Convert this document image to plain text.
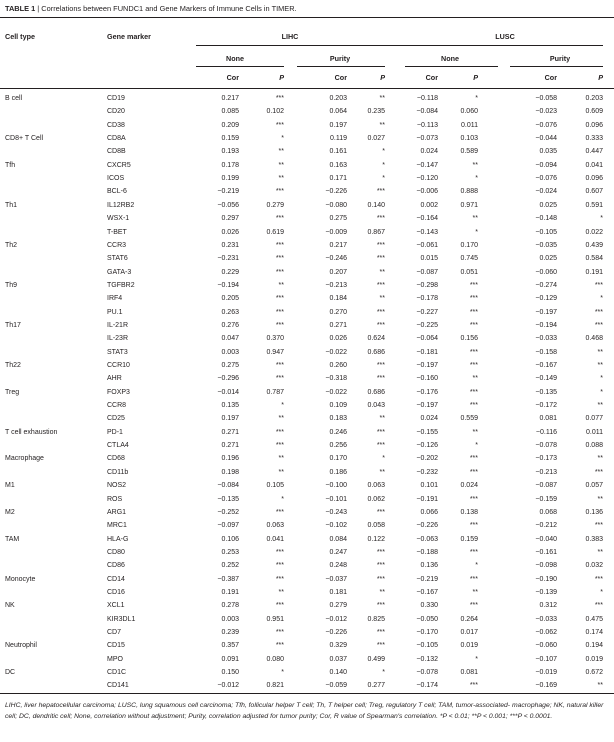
TABLE 1 | Correlations between FUNDC1 and Gene Markers of Immune Cells in TIMER.
Cell type	Gene marker	LIHC	LUSC
None	Purity	None	Purity
Cor	P	Cor	P	Cor	P	Cor	P
B cell	CD19	0.217	***	0.203	**	−0.118	*	−0.058	0.203
CD20	0.085	0.102	0.064	0.235	−0.084	0.060	−0.023	0.609
CD38	0.209	***	0.197	**	−0.113	0.011	−0.076	0.096
CD8+ T Cell	CD8A	0.159	*	0.119	0.027	−0.073	0.103	−0.044	0.333
CD8B	0.193	**	0.161	*	0.024	0.589	0.035	0.447
Tfh	CXCR5	0.178	**	0.163	*	−0.147	**	−0.094	0.041
ICOS	0.199	**	0.171	*	−0.120	*	−0.076	0.096
BCL-6	−0.219	***	−0.226	***	−0.006	0.888	−0.024	0.607
Th1	IL12RB2	−0.056	0.279	−0.080	0.140	0.002	0.971	0.025	0.591
WSX-1	0.297	***	0.275	***	−0.164	**	−0.148	*
T-BET	0.026	0.619	−0.009	0.867	−0.143	*	−0.105	0.022
Th2	CCR3	0.231	***	0.217	***	−0.061	0.170	−0.035	0.439
STAT6	−0.231	***	−0.246	***	0.015	0.745	0.025	0.584
GATA-3	0.229	***	0.207	**	−0.087	0.051	−0.060	0.191
Th9	TGFBR2	−0.194	**	−0.213	***	−0.298	***	−0.274	***
IRF4	0.205	***	0.184	**	−0.178	***	−0.129	*
PU.1	0.263	***	0.270	***	−0.227	***	−0.197	***
Th17	IL-21R	0.276	***	0.271	***	−0.225	***	−0.194	***
IL-23R	0.047	0.370	0.026	0.624	−0.064	0.156	−0.033	0.468
STAT3	0.003	0.947	−0.022	0.686	−0.181	***	−0.158	**
Th22	CCR10	0.275	***	0.260	***	−0.197	***	−0.167	**
AHR	−0.296	***	−0.318	***	−0.160	**	−0.149	*
Treg	FOXP3	−0.014	0.787	−0.022	0.686	−0.176	***	−0.135	*
CCR8	0.135	*	0.109	0.043	−0.197	***	−0.172	**
CD25	0.197	**	0.183	**	0.024	0.559	0.081	0.077
T cell exhaustion	PD-1	0.271	***	0.246	***	−0.155	**	−0.116	0.011
CTLA4	0.271	***	0.256	***	−0.126	*	−0.078	0.088
Macrophage	CD68	0.196	**	0.170	*	−0.202	***	−0.173	**
CD11b	0.198	**	0.186	**	−0.232	***	−0.213	***
M1	NOS2	−0.084	0.105	−0.100	0.063	0.101	0.024	−0.087	0.057
ROS	−0.135	*	−0.101	0.062	−0.191	***	−0.159	**
M2	ARG1	−0.252	***	−0.243	***	0.066	0.138	0.068	0.136
MRC1	−0.097	0.063	−0.102	0.058	−0.226	***	−0.212	***
TAM	HLA-G	0.106	0.041	0.084	0.122	−0.063	0.159	−0.040	0.383
CD80	0.253	***	0.247	***	−0.188	***	−0.161	**
CD86	0.252	***	0.248	***	0.136	*	−0.098	0.032
Monocyte	CD14	−0.387	***	−0.037	***	−0.219	***	−0.190	***
CD16	0.191	**	0.181	**	−0.167	**	−0.139	*
NK	XCL1	0.278	***	0.279	***	0.330	***	0.312	***
KIR3DL1	0.003	0.951	−0.012	0.825	−0.050	0.264	−0.033	0.475
CD7	0.239	***	−0.226	***	−0.170	0.017	−0.062	0.174
Neutrophil	CD15	0.357	***	0.329	***	−0.105	0.019	−0.060	0.194
MPO	0.091	0.080	0.037	0.499	−0.132	*	−0.107	0.019
DC	CD1C	0.150	*	0.140	*	−0.078	0.081	−0.019	0.672
CD141	−0.012	0.821	−0.059	0.277	−0.174	***	−0.169	**
LIHC, liver hepatocellular carcinoma; LUSC, lung squamous cell carcinoma; Tfh, follicular helper T cell; Th, T helper cell; Treg, regulatory T cell; TAM, tumor-associated- macrophage; NK, natural killer cell; DC, dendritic cell; None, correlation without adjustment; Purity, correlation adjusted for tumor purity; Cor, R value of Spearman's correlation. *P < 0.01; **P < 0.001; ***P < 0.0001.
